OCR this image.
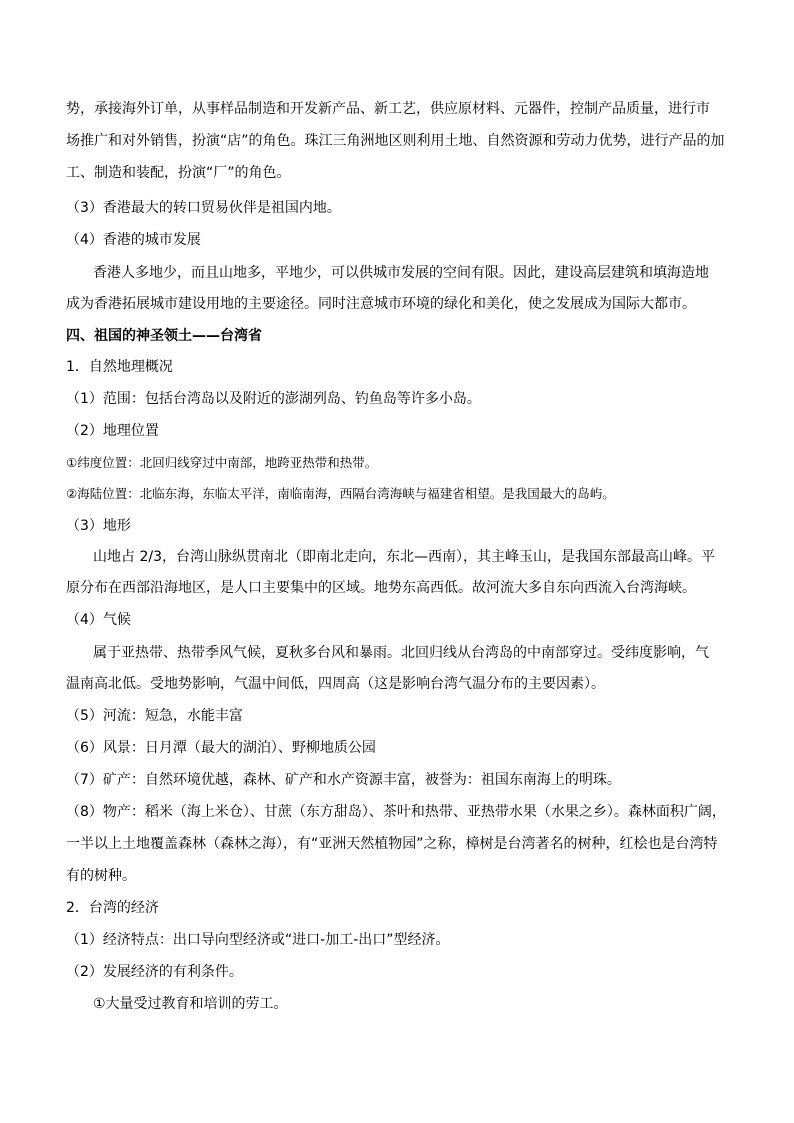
势，承接海外订单，从事样品制造和开发新产品、新工艺，供应原材料、元器件，控制产品质量，进行市
场推广和对外销售，扮演“店”的角色。珠江三角洲地区则利用土地、自然资源和劳动力优势，进行产品的加
工、制造和装配，扮演“厂”的角色。
（3）香港最大的转口贸易伙伴是祖国内地。
（4）香港的城市发展
香港人多地少，而且山地多，平地少，可以供城市发展的空间有限。因此，建设高层建筑和填海造地
成为香港拓展城市建设用地的主要途径。同时注意城市环境的绿化和美化，使之发展成为国际大都市。
四、祖国的神圣领土——台湾省
1．自然地理概况
（1）范围：包括台湾岛以及附近的澎湖列岛、钓鱼岛等许多小岛。
（2）地理位置
①纬度位置：北回归线穿过中南部，地跨亚热带和热带。
②海陆位置：北临东海，东临太平洋，南临南海，西隔台湾海峡与福建省相望。是我国最大的岛屿。
（3）地形
山地占 2/3，台湾山脉纵贯南北（即南北走向，东北—西南），其主峰玉山，是我国东部最高山峰。平
原分布在西部沿海地区，是人口主要集中的区域。地势东高西低。故河流大多自东向西流入台湾海峡。
（4）气候
属于亚热带、热带季风气候，夏秋多台风和暴雨。北回归线从台湾岛的中南部穿过。受纬度影响，气
温南高北低。受地势影响，气温中间低，四周高（这是影响台湾气温分布的主要因素）。
（5）河流：短急，水能丰富
（6）风景：日月潭（最大的湖泊）、野柳地质公园
（7）矿产：自然环境优越，森林、矿产和水产资源丰富，被誉为：祖国东南海上的明珠。
（8）物产：稻米（海上米仓）、甘蔗（东方甜岛）、茶叶和热带、亚热带水果（水果之乡）。森林面积广阔，
一半以上土地覆盖森林（森林之海），有“亚洲天然植物园”之称，樟树是台湾著名的树种，红桧也是台湾特
有的树种。
2．台湾的经济
（1）经济特点：出口导向型经济或“进口-加工-出口”型经济。
（2）发展经济的有利条件。
①大量受过教育和培训的劳工。
